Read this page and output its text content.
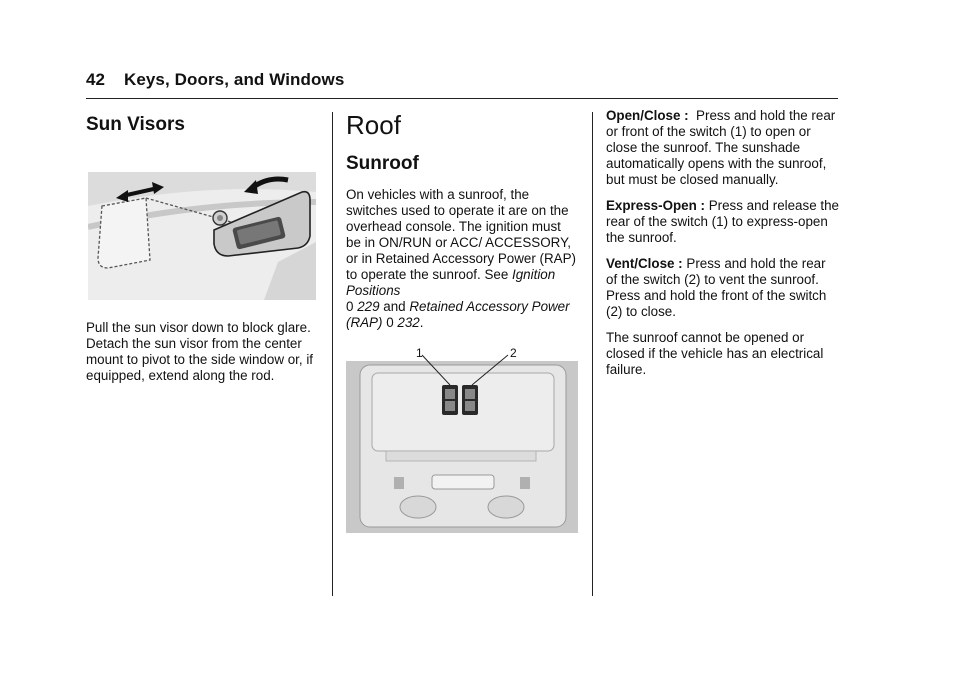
42 Keys, Doors, and Windows
Sun Visors

Pull the sun visor down to block glare. Detach the sun visor from the center mount to pivot to the side window or, if equipped, extend along the rod.

Roof
Sunroof

On vehicles with a sunroof, the switches used to operate it are on the overhead console. The ignition must be in ON/RUN or ACC/ ACCESSORY, or in Retained Accessory Power (RAP) to operate the sunroof. See Ignition Positions
0 229 and Retained Accessory Power (RAP) 0 232.

1	2

Open/Close : Press and hold the rear or front of the switch (1) to open or close the sunroof. The sunshade automatically opens with the sunroof, but must be closed manually.

Express-Open : Press and release the rear of the switch (1) to express-open the sunroof.

Vent/Close : Press and hold the rear of the switch (2) to vent the sunroof. Press and hold the front of the switch (2) to close.

The sunroof cannot be opened or closed if the vehicle has an electrical failure.
